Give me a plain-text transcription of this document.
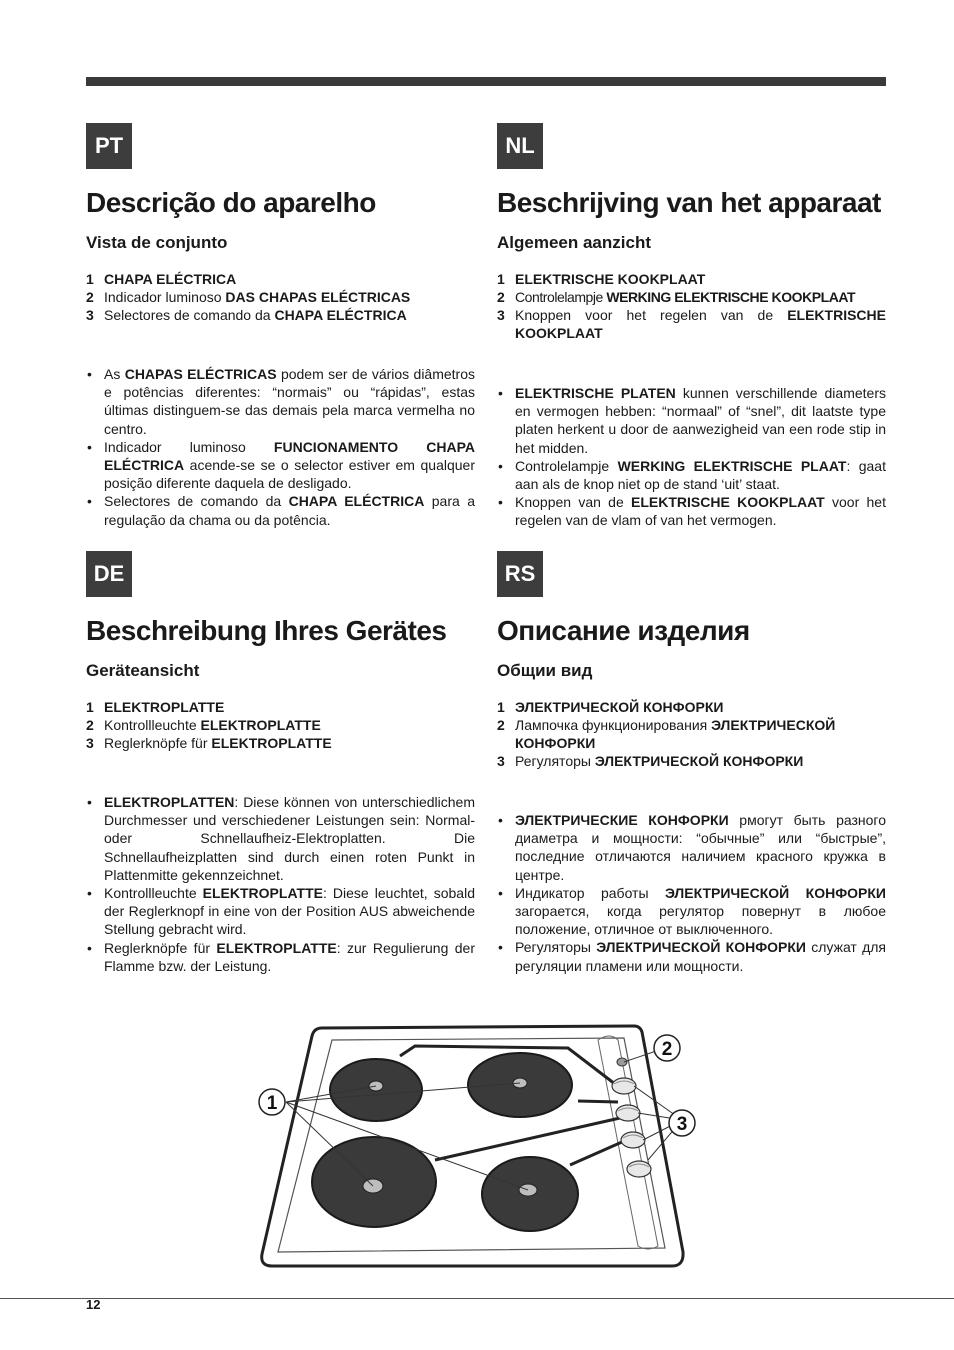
PT
Descrição do aparelho
Vista de conjunto
1 CHAPA ELÉCTRICA
2 Indicador luminoso DAS CHAPAS ELÉCTRICAS
3 Selectores de comando da CHAPA ELÉCTRICA
• As CHAPAS ELÉCTRICAS podem ser de vários diâmetros e potências diferentes: “normais” ou “rápidas”, estas últimas distinguem-se das demais pela marca vermelha no centro.
• Indicador luminoso FUNCIONAMENTO CHAPA ELÉCTRICA acende-se se o selector estiver em qualquer posição diferente daquela de desligado.
• Selectores de comando da CHAPA ELÉCTRICA para a regulação da chama ou da potência.
NL
Beschrijving van het apparaat
Algemeen aanzicht
1 ELEKTRISCHE KOOKPLAAT
2 Controlelampje WERKING ELEKTRISCHE KOOKPLAAT
3 Knoppen voor het regelen van de ELEKTRISCHE KOOKPLAAT
• ELEKTRISCHE PLATEN kunnen verschillende diameters en vermogen hebben: “normaal” of “snel”, dit laatste type platen herkent u door de aanwezigheid van een rode stip in het midden.
• Controlelampje WERKING ELEKTRISCHE PLAAT: gaat aan als de knop niet op de stand ‘uit’ staat.
• Knoppen van de ELEKTRISCHE KOOKPLAAT voor het regelen van de vlam of van het vermogen.
DE
Beschreibung Ihres Gerätes
Geräteansicht
1 ELEKTROPLATTE
2 Kontrollleuchte ELEKTROPLATTE
3 Reglerknöpfe für ELEKTROPLATTE
• ELEKTROPLATTEN: Diese können von unterschiedlichem Durchmesser und verschiedener Leistungen sein: Normal- oder Schnellaufheiz-Elektroplatten. Die Schnellaufheizplatten sind durch einen roten Punkt in Plattenmitte gekennzeichnet.
• Kontrollleuchte ELEKTROPLATTE: Diese leuchtet, sobald der Reglerknopf in eine von der Position AUS abweichende Stellung gebracht wird.
• Reglerknöpfe für ELEKTROPLATTE: zur Regulierung der Flamme bzw. der Leistung.
RS
Описание изделия
Общии вид
1 ЭЛЕКТРИЧЕСКОЙ КОНФОРКИ
2 Лампочка функционирования ЭЛЕКТРИЧЕСКОЙ КОНФОРКИ
3 Регуляторы ЭЛЕКТРИЧЕСКОЙ КОНФОРКИ
• ЭЛЕКТРИЧЕСКИЕ КОНФОРКИ рмогут быть разного диаметра и мощности: “обычные” или “быстрые”, последние отличаются наличием красного кружка в центре.
• Индикатор работы ЭЛЕКТРИЧЕСКОЙ КОНФОРКИ загорается, когда регулятор повернут в любое положение, отличное от выключенного.
• Регуляторы ЭЛЕКТРИЧЕСКОЙ КОНФОРКИ служат для регуляции пламени или мощности.
1
2
3
12
